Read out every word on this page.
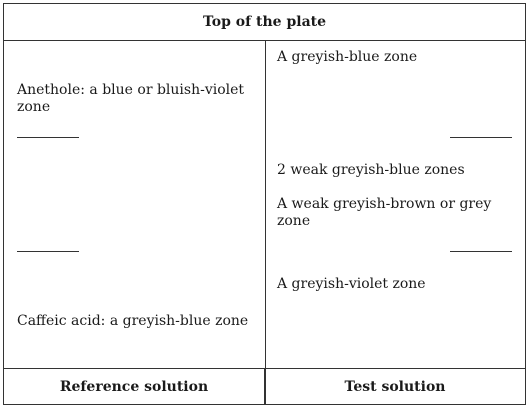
Top of the plate
Anethole: a blue or bluish-violet zone
Caffeic acid: a greyish-blue zone
A greyish-blue zone
2 weak greyish-blue zones
A weak greyish-brown or grey zone
A greyish-violet zone
Reference solution	Test solution
